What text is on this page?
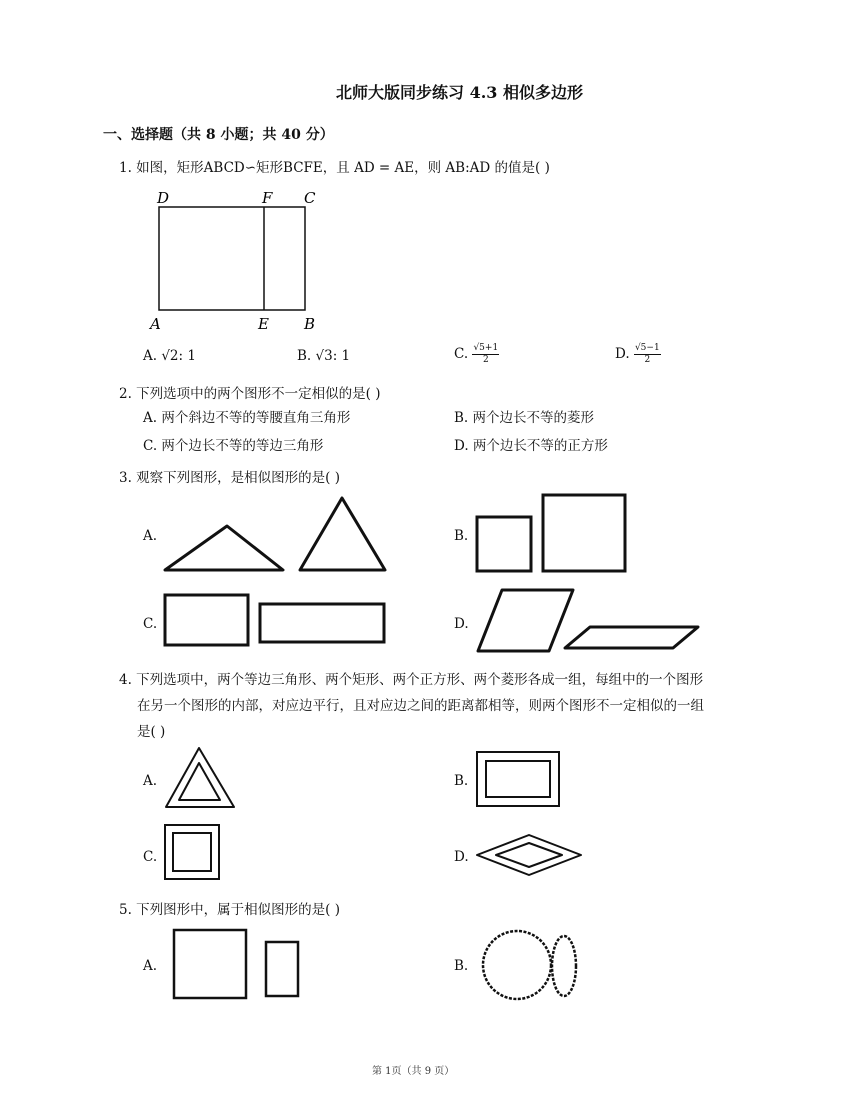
北师大版同步练习 4.3 相似多边形
一、选择题（共 8 小题；共 40 分）
1. 如图，矩形ABCD∽矩形BCFE，且 AD = AE，则 AB:AD 的值是( )
D	F C
A	E B
A. √2: 1	B. √3: 1	C. $\frac{√5+1}{2}$	D. $\frac{√5-1}{2}$
2. 下列选项中的两个图形不一定相似的是( )
A. 两个斜边不等的等腰直角三角形	B. 两个边长不等的菱形
C. 两个边长不等的等边三角形	D. 两个边长不等的正方形
3. 观察下列图形，是相似图形的是( )
A.	B.
C.	D.
4. 下列选项中，两个等边三角形、两个矩形、两个正方形、两个菱形各成一组，每组中的一个图形
在另一个图形的内部，对应边平行，且对应边之间的距离都相等，则两个图形不一定相似的一组
是( )
A.	B.
C.	D.
5. 下列图形中，属于相似图形的是( )
A.	B.
第 1页（共 9 页）
